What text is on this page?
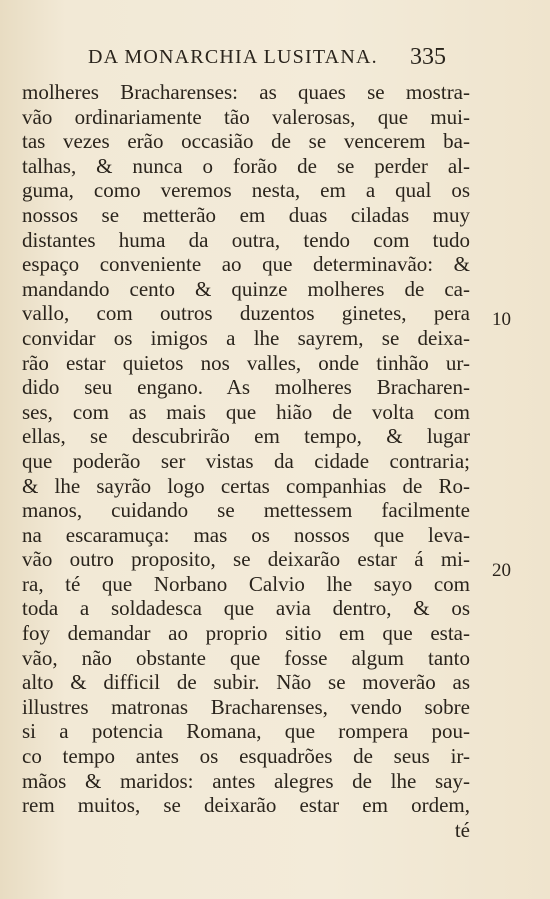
DA MONARCHIA LUSITANA. 335
molheres Bracharenses: as quaes se mostra-
vão ordinariamente tão valerosas, que mui-
tas vezes erão occasião de se vencerem ba-
talhas, & nunca o forão de se perder al-
guma, como veremos nesta, em a qual os
nossos se metterão em duas ciladas muy
distantes huma da outra, tendo com tudo
espaço conveniente ao que determinavão: &
mandando cento & quinze molheres de ca-
vallo, com outros duzentos ginetes, pera
convidar os imigos a lhe sayrem, se deixa-
rão estar quietos nos valles, onde tinhão ur-
dido seu engano. As molheres Bracharen-
ses, com as mais que hião de volta com
ellas, se descubrirão em tempo, & lugar
que poderão ser vistas da cidade contraria;
& lhe sayrão logo certas companhias de Ro-
manos, cuidando se mettessem facilmente
na escaramuça: mas os nossos que leva-
vão outro proposito, se deixarão estar á mi-
ra, té que Norbano Calvio lhe sayo com
toda a soldadesca que avia dentro, & os
foy demandar ao proprio sitio em que esta-
vão, não obstante que fosse algum tanto
alto & difficil de subir. Não se moverão as
illustres matronas Bracharenses, vendo sobre
si a potencia Romana, que rompera pou-
co tempo antes os esquadrões de seus ir-
mãos & maridos: antes alegres de lhe say-
rem muitos, se deixarão estar em ordem,
té
10
20
